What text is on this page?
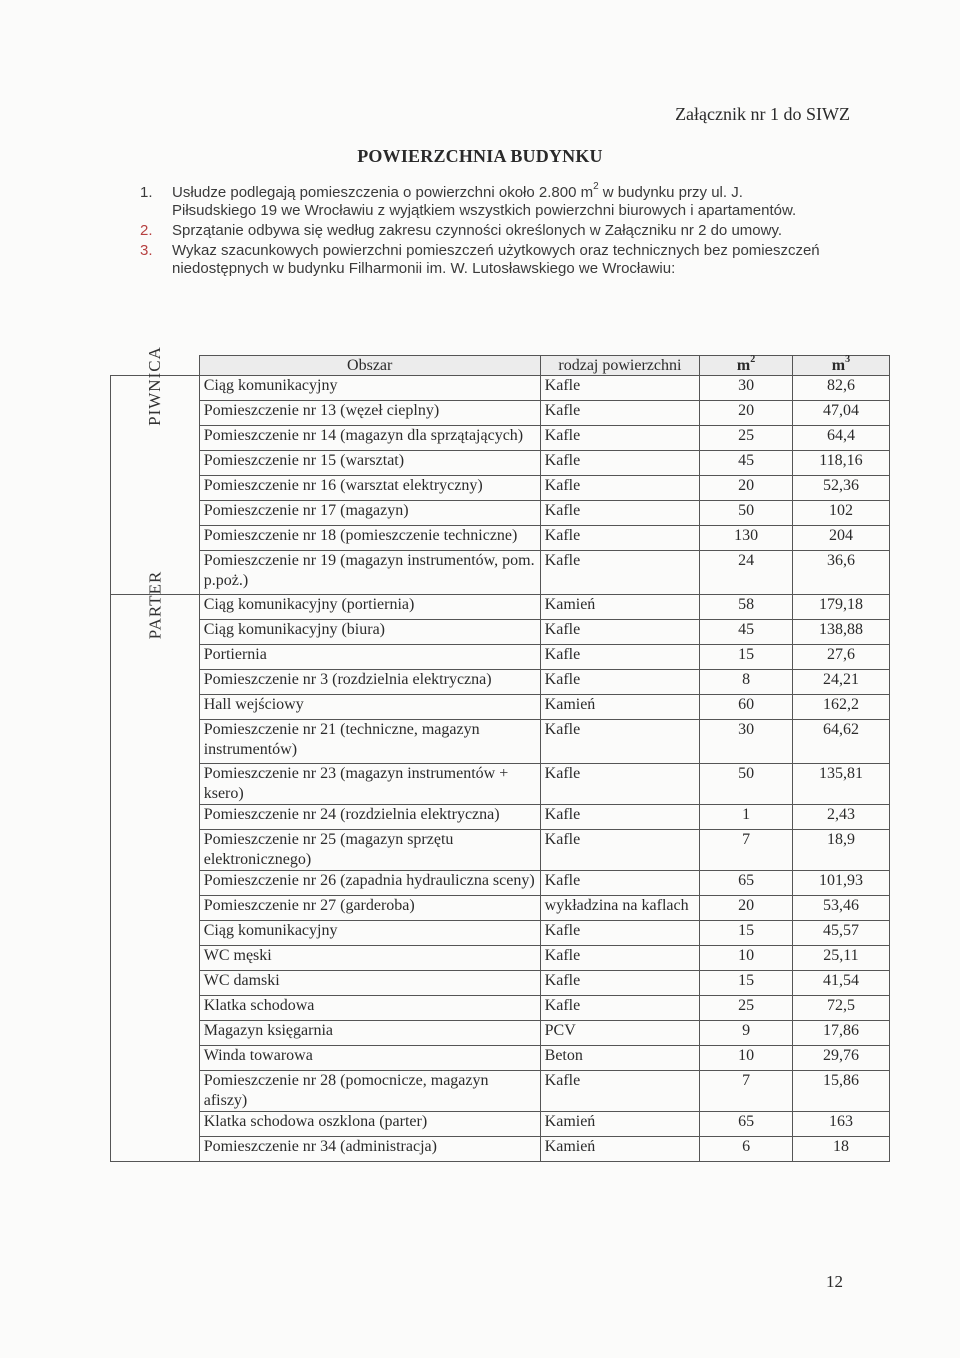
Załącznik nr 1 do SIWZ
POWIERZCHNIA BUDYNKU
1. Usłudze podlegają pomieszczenia o powierzchni około 2.800 $m^2$ w budynku przy ul. J. Piłsudskiego 19 we Wrocławiu z wyjątkiem wszystkich powierzchni biurowych i apartamentów.
2. Sprzątanie odbywa się według zakresu czynności określonych w Załączniku nr 2 do umowy.
3. Wykaz szacunkowych powierzchni pomieszczeń użytkowych oraz technicznych bez pomieszczeń niedostępnych w budynku Filharmonii im. W. Lutosławskiego we Wrocławiu:
	Obszar	rodzaj powierzchni	$m^2$	$m^3$
PIWNICA	Ciąg komunikacyjny	Kafle	30	82,6
	Pomieszczenie nr 13 (węzeł cieplny)	Kafle	20	47,04
	Pomieszczenie nr 14 (magazyn dla sprzątających)	Kafle	25	64,4
	Pomieszczenie nr 15 (warsztat)	Kafle	45	118,16
	Pomieszczenie nr 16 (warsztat elektryczny)	Kafle	20	52,36
	Pomieszczenie nr 17 (magazyn)	Kafle	50	102
	Pomieszczenie nr 18 (pomieszczenie techniczne)	Kafle	130	204
	Pomieszczenie nr 19 (magazyn instrumentów, pom. p.poż.)	Kafle	24	36,6
PARTER	Ciąg komunikacyjny (portiernia)	Kamień	58	179,18
	Ciąg komunikacyjny (biura)	Kafle	45	138,88
	Portiernia	Kafle	15	27,6
	Pomieszczenie nr 3 (rozdzielnia elektryczna)	Kafle	8	24,21
	Hall wejściowy	Kamień	60	162,2
	Pomieszczenie nr 21 (techniczne, magazyn instrumentów)	Kafle	30	64,62
	Pomieszczenie nr 23 (magazyn instrumentów + ksero)	Kafle	50	135,81
	Pomieszczenie nr 24 (rozdzielnia elektryczna)	Kafle	1	2,43
	Pomieszczenie nr 25 (magazyn sprzętu elektronicznego)	Kafle	7	18,9
	Pomieszczenie nr 26 (zapadnia hydrauliczna sceny)	Kafle	65	101,93
	Pomieszczenie nr 27 (garderoba)	wykładzina na kaflach	20	53,46
	Ciąg komunikacyjny	Kafle	15	45,57
	WC męski	Kafle	10	25,11
	WC damski	Kafle	15	41,54
	Klatka schodowa	Kafle	25	72,5
	Magazyn księgarnia	PCV	9	17,86
	Winda towarowa	Beton	10	29,76
	Pomieszczenie nr 28 (pomocnicze, magazyn afiszy)	Kafle	7	15,86
	Klatka schodowa oszklona (parter)	Kamień	65	163
	Pomieszczenie nr 34 (administracja)	Kamień	6	18
12
